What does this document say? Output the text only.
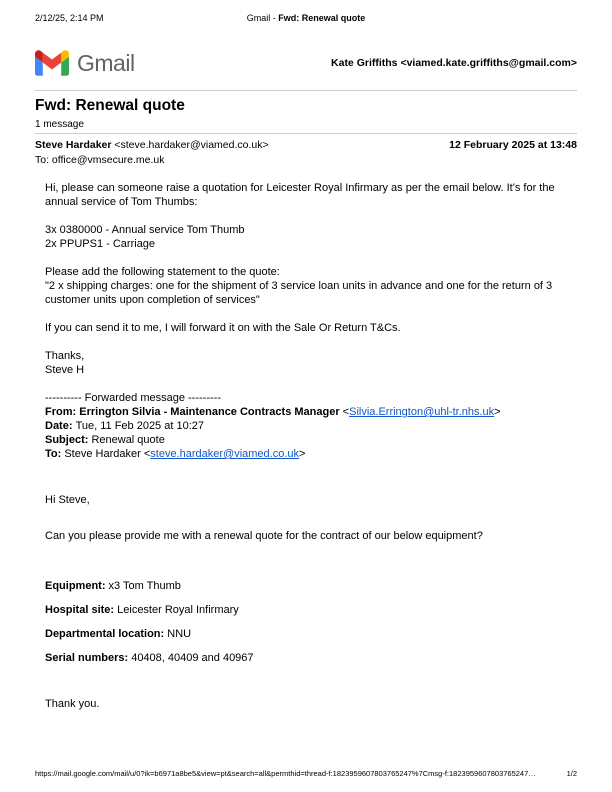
2/12/25, 2:14 PM	Gmail - Fwd: Renewal quote
Gmail	Kate Griffiths <viamed.kate.griffiths@gmail.com>
Fwd: Renewal quote
1 message
Steve Hardaker <steve.hardaker@viamed.co.uk>	12 February 2025 at 13:48
To: office@vmsecure.me.uk

Hi, please can someone raise a quotation for Leicester Royal Infirmary as per the email below. It's for the annual service of Tom Thumbs:

3x 0380000 - Annual service Tom Thumb

2x PPUPS1 - Carriage

Please add the following statement to the quote:

"2 x shipping charges: one for the shipment of 3 service loan units in advance and one for the return of 3 customer units upon completion of services"

If you can send it to me, I will forward it on with the Sale Or Return T&Cs.

Thanks,

Steve H

---------- Forwarded message ---------
From: Errington Silvia - Maintenance Contracts Manager <Silvia.Errington@uhl-tr.nhs.uk>
Date: Tue, 11 Feb 2025 at 10:27
Subject: Renewal quote
To: Steve Hardaker <steve.hardaker@viamed.co.uk>

Hi Steve,

Can you please provide me with a renewal quote for the contract of our below equipment?

Equipment: x3 Tom Thumb
Hospital site: Leicester Royal Infirmary
Departmental location: NNU
Serial numbers: 40408, 40409 and 40967

Thank you.

https://mail.google.com/mail/u/0?ik=b6971a8be5&view=pt&search=all&permthid=thread-f:1823959607803765247%7Cmsg-f:1823959607803765247…	1/2
